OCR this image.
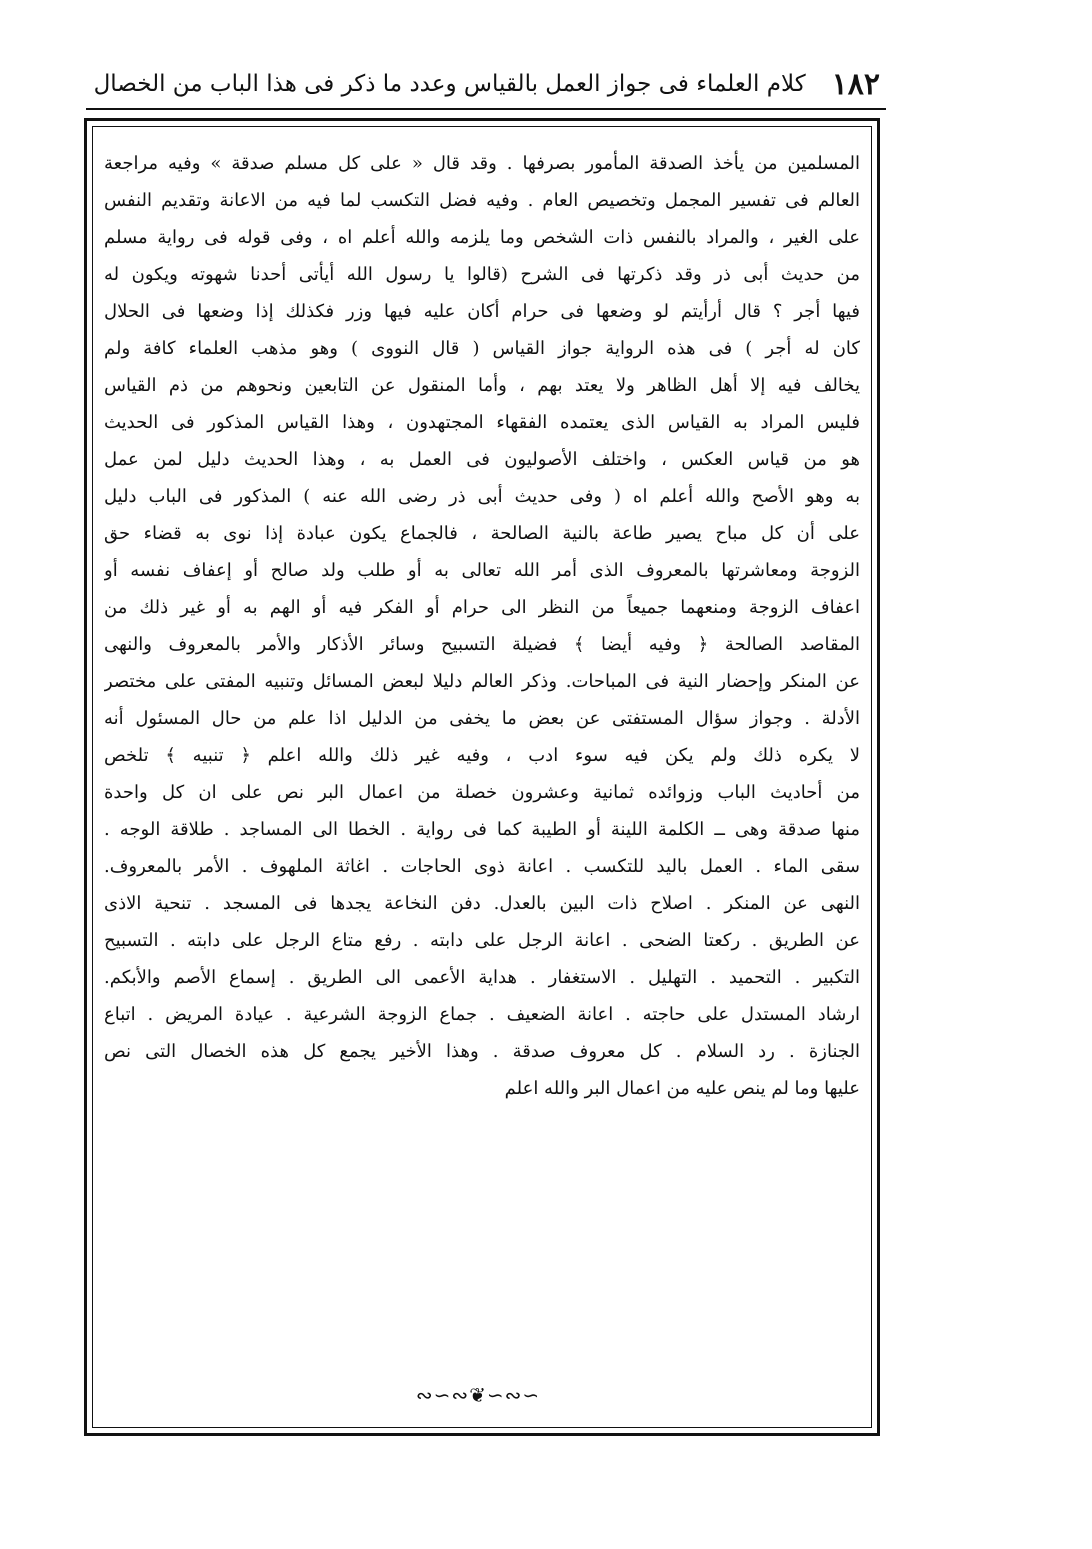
١٨٢
كلام العلماء فى جواز العمل بالقياس وعدد ما ذكر فى هذا الباب من الخصال
المسلمين من يأخذ الصدقة المأمور بصرفها . وقد قال « على كل مسلم صدقة » وفيه مراجعة
العالم فى تفسير المجمل وتخصيص العام . وفيه فضل التكسب لما فيه من الاعانة وتقديم النفس
على الغير ، والمراد بالنفس ذات الشخص وما يلزمه والله أعلم اه ، وفى قوله فى رواية مسلم
من حديث أبى ذر وقد ذكرتها فى الشرح (قالوا يا رسول الله أيأتى أحدنا شهوته ويكون له
فيها أجر ؟ قال أرأيتم لو وضعها فى حرام أكان عليه فيها وزر فكذلك إذا وضعها فى الحلال
كان له أجر ) فى هذه الرواية جواز القياس ( قال النووى ) وهو مذهب العلماء كافة ولم
يخالف فيه إلا أهل الظاهر ولا يعتد بهم ، وأما المنقول عن التابعين ونحوهم من ذم القياس
فليس المراد به القياس الذى يعتمده الفقهاء المجتهدون ، وهذا القياس المذكور فى الحديث
هو من قياس العكس ، واختلف الأصوليون فى العمل به ، وهذا الحديث دليل لمن عمل
به وهو الأصح والله أعلم اه ( وفى حديث أبى ذر رضى الله عنه ) المذكور فى الباب دليل
على أن كل مباح يصير طاعة بالنية الصالحة ، فالجماع يكون عبادة إذا نوى به قضاء حق
الزوجة ومعاشرتها بالمعروف الذى أمر الله تعالى به أو طلب ولد صالح أو إعفاف نفسه أو
اعفاف الزوجة ومنعهما جميعاً من النظر الى حرام أو الفكر فيه أو الهم به أو غير ذلك من
المقاصد الصالحة ﴿ وفيه أيضا ﴾ فضيلة التسبيح وسائر الأذكار والأمر بالمعروف والنهى
عن المنكر وإحضار النية فى المباحات. وذكر العالم دليلا لبعض المسائل وتنبيه المفتى على مختصر
الأدلة . وجواز سؤال المستفتى عن بعض ما يخفى من الدليل اذا علم من حال المسئول أنه
لا يكره ذلك ولم يكن فيه سوء ادب ، وفيه غير ذلك والله اعلم ﴿ تنبيه ﴾ تلخص
من أحاديث الباب وزوائده ثمانية وعشرون خصلة من اعمال البر نص على ان كل واحدة
منها صدقة وهى ــ الكلمة اللينة أو الطيبة كما فى رواية . الخطا الى المساجد . طلاقة الوجه .
سقى الماء . العمل باليد للتكسب . اعانة ذوى الحاجات . اغاثة الملهوف . الأمر بالمعروف.
النهى عن المنكر . اصلاح ذات البين بالعدل. دفن النخاعة يجدها فى المسجد . تنحية الاذى
عن الطريق . ركعتا الضحى . اعانة الرجل على دابته . رفع متاع الرجل على دابته . التسبيح
التكبير . التحميد . التهليل . الاستغفار . هداية الأعمى الى الطريق . إسماع الأصم والأبكم.
ارشاد المستدل على حاجته . اعانة الضعيف . جماع الزوجة الشرعية . عيادة المريض . اتباع
الجنازة . رد السلام . كل معروف صدقة . وهذا الأخير يجمع كل هذه الخصال التى نص
عليها وما لم ينص عليه من اعمال البر والله اعلم
∾∽∾❦∽∾∽
